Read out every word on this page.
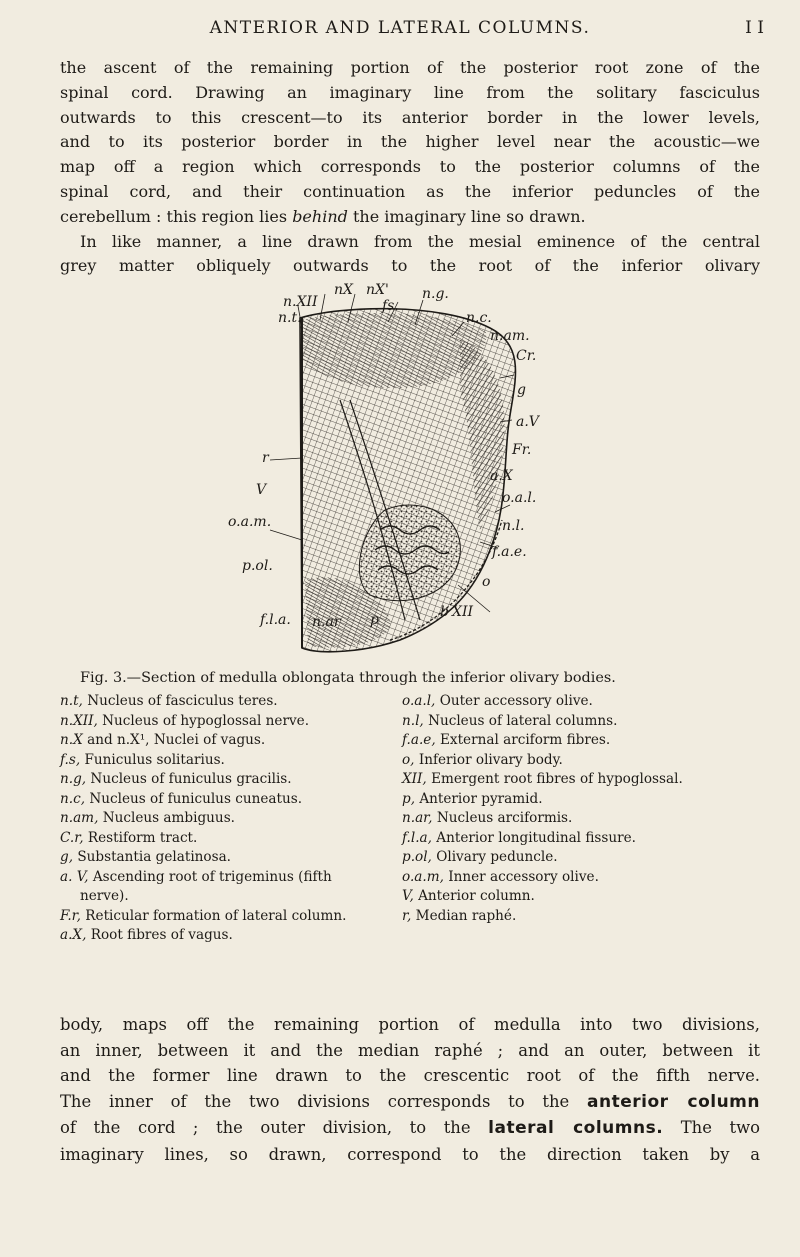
ANTERIOR AND LATERAL COLUMNS.	I I
the ascent of the remaining portion of the posterior root zone of the
spinal cord. Drawing an imaginary line from the solitary fasciculus
outwards to this crescent—to its anterior border in the lower levels,
and to its posterior border in the higher level near the acoustic—we
map off a region which corresponds to the posterior columns of the
spinal cord, and their continuation as the inferior peduncles of the
cerebellum : this region lies behind the imaginary line so drawn.
In like manner, a line drawn from the mesial eminence of the central
grey matter obliquely outwards to the root of the inferior olivary
nX nX'
n.XII	n.g.
fs.
n.t.	n.c.
n.am.
Cr.
g
a.V
Fr.
a.X
o.a.l.
n.l.
f.a.e.
o
XII
b
r
V
o.a.m.
p.ol.
f.l.a. n.ar p
Fig. 3.—Section of medulla oblongata through the inferior olivary bodies.
n.t, Nucleus of fasciculus teres.
n.XII, Nucleus of hypoglossal nerve.
n.X and n.X¹, Nuclei of vagus.
f.s, Funiculus solitarius.
n.g, Nucleus of funiculus gracilis.
n.c, Nucleus of funiculus cuneatus.
n.am, Nucleus ambiguus.
C.r, Restiform tract.
g, Substantia gelatinosa.
a. V, Ascending root of trigeminus (fifth
nerve).
F.r, Reticular formation of lateral column.
a.X, Root fibres of vagus.
o.a.l, Outer accessory olive.
n.l, Nucleus of lateral columns.
f.a.e, External arciform fibres.
o, Inferior olivary body.
XII, Emergent root fibres of hypoglossal.
p, Anterior pyramid.
n.ar, Nucleus arciformis.
f.l.a, Anterior longitudinal fissure.
p.ol, Olivary peduncle.
o.a.m, Inner accessory olive.
V, Anterior column.
r, Median raphé.
body, maps off the remaining portion of medulla into two divisions,
an inner, between it and the median raphé ; and an outer, between it
and the former line drawn to the crescentic root of the fifth nerve.
The inner of the two divisions corresponds to the anterior column
of the cord ; the outer division, to the lateral columns. The two
imaginary lines, so drawn, correspond to the direction taken by a
